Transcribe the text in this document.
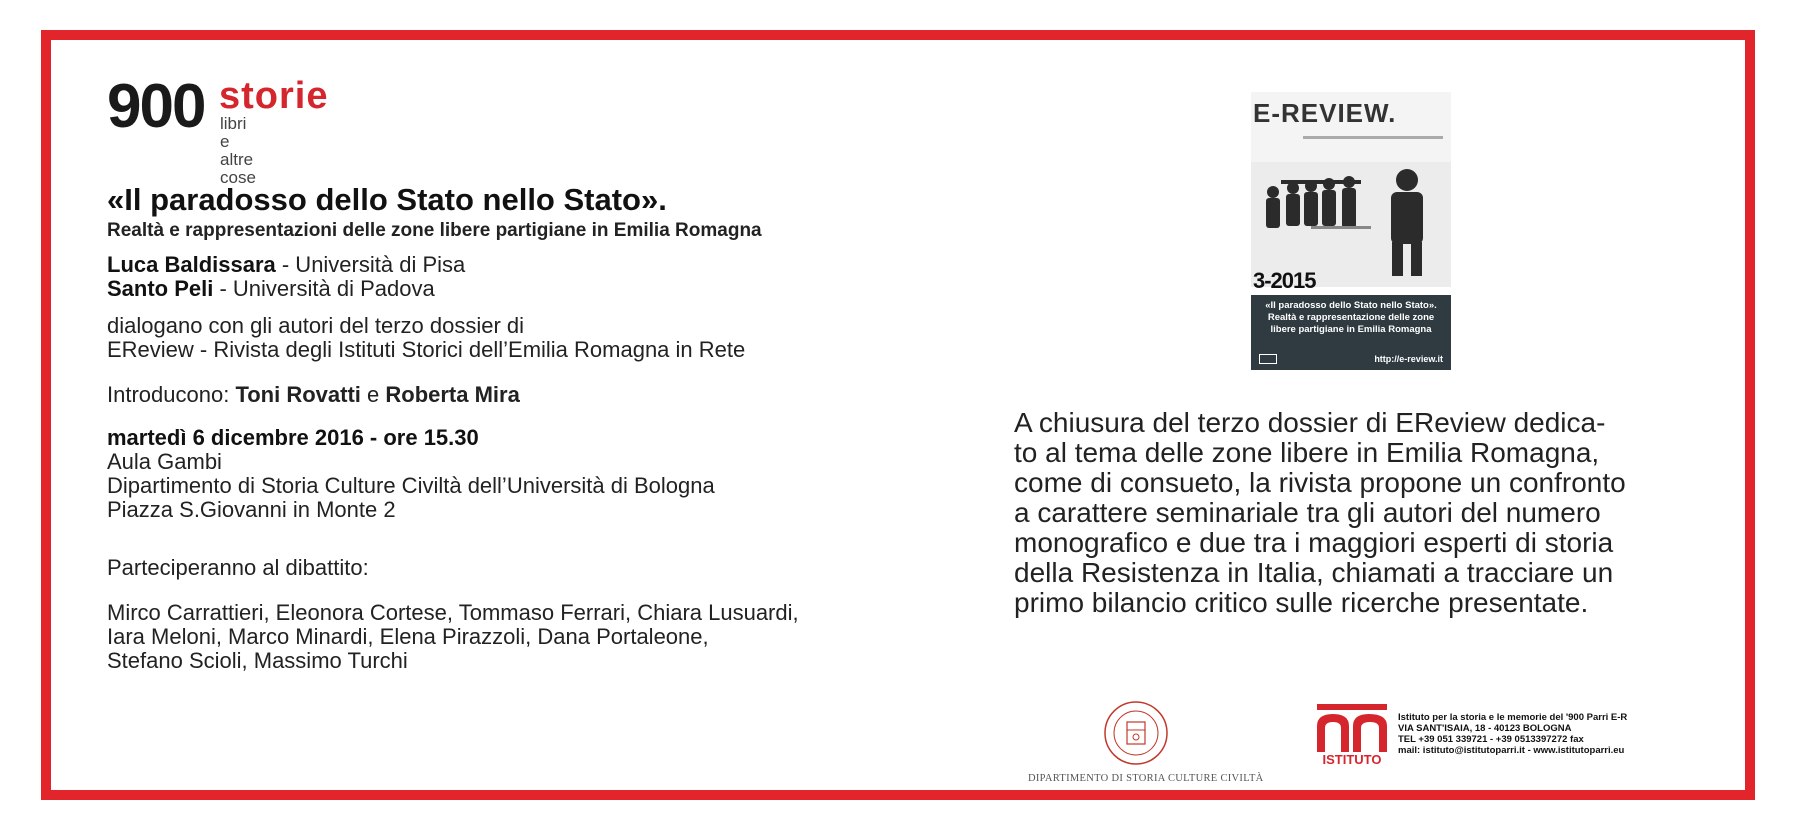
900 storie
libri e altre cose
«Il paradosso dello Stato nello Stato».
Realtà e rappresentazioni delle zone libere partigiane in Emilia Romagna
Luca Baldissara - Università di Pisa
Santo Peli - Università di Padova
dialogano con gli autori del terzo dossier di
EReview - Rivista degli Istituti Storici dell’Emilia Romagna in Rete
Introducono: Toni Rovatti e Roberta Mira
martedì 6 dicembre 2016 - ore 15.30
Aula Gambi
Dipartimento di Storia Culture Civiltà dell’Università di Bologna
Piazza S.Giovanni in Monte 2
Parteciperanno al dibattito:
Mirco Carrattieri, Eleonora Cortese, Tommaso Ferrari, Chiara Lusuardi,
Iara Meloni, Marco Minardi, Elena Pirazzoli, Dana Portaleone,
Stefano Scioli, Massimo Turchi
E-REVIEW.
3-2015
«Il paradosso dello Stato nello Stato». Realtà e rappresentazione delle zone libere partigiane in Emilia Romagna
http://e-review.it
A chiusura del terzo dossier di EReview dedica-
to al tema delle zone libere in Emilia Romagna,
come di consueto, la rivista propone un confronto
a carattere seminariale tra gli autori del numero
monografico e due tra i maggiori esperti di storia
della Resistenza in Italia, chiamati a tracciare un
primo bilancio critico sulle ricerche presentate.
DIPARTIMENTO DI STORIA CULTURE CIVILTÀ
ISTITUTO
Istituto per la storia e le memorie del '900 Parri E-R
VIA SANT'ISAIA, 18 - 40123 BOLOGNA
TEL +39 051 339721 - +39 0513397272 fax
mail: istituto@istitutoparri.it - www.istitutoparri.eu
